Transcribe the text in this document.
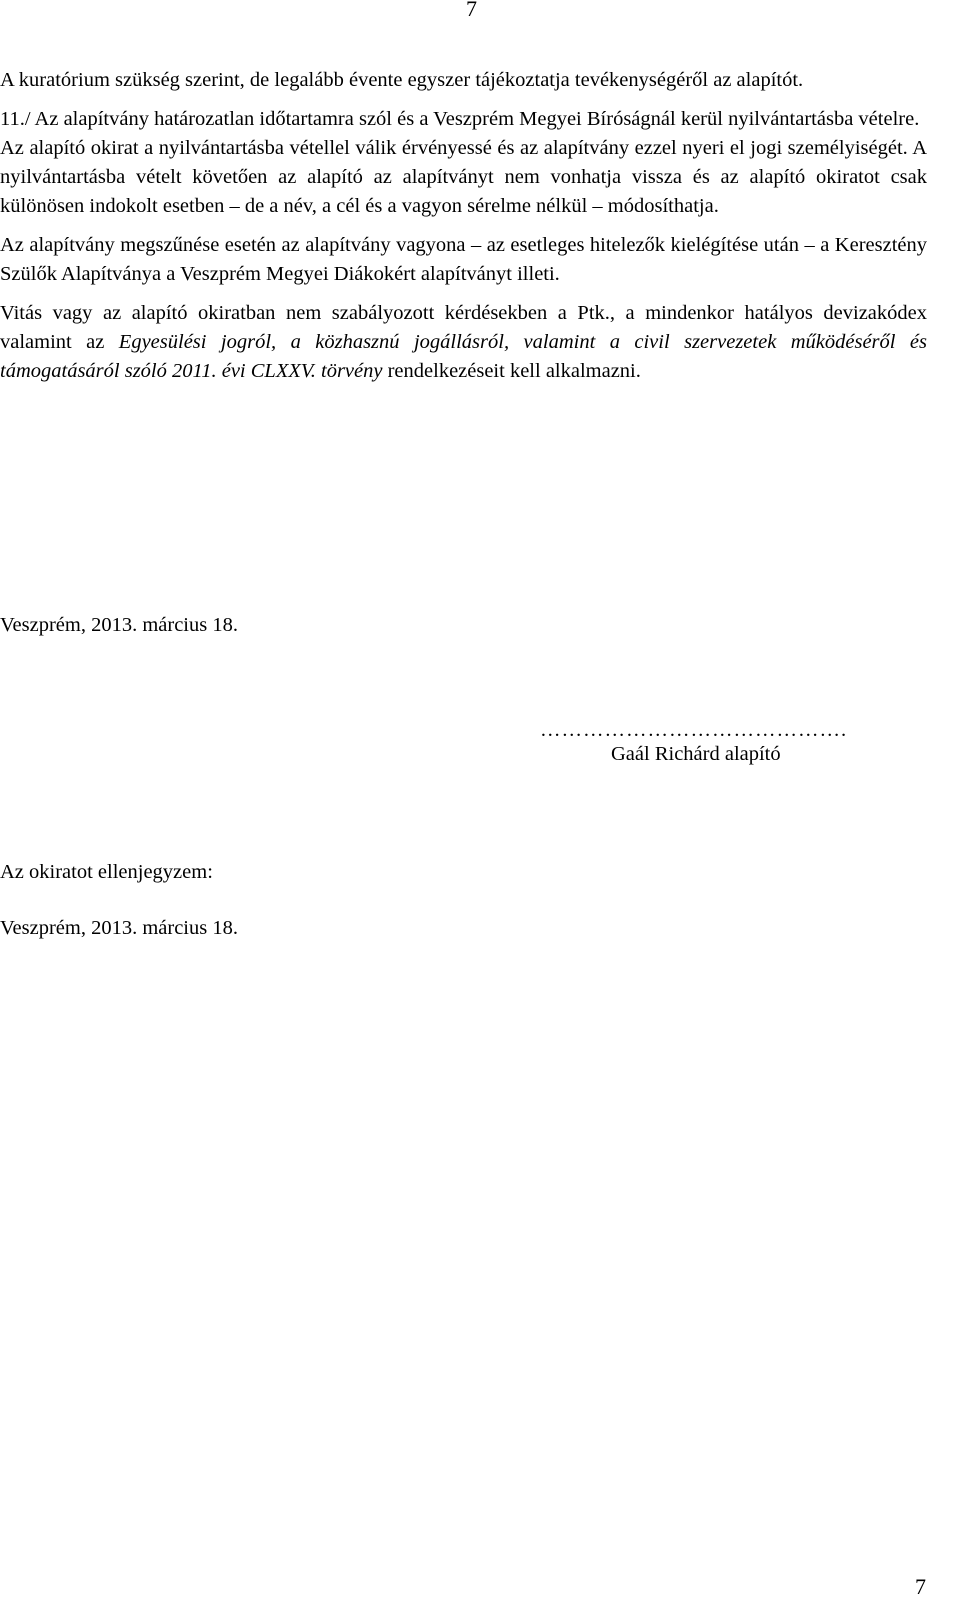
7

A kuratórium szükség szerint, de legalább évente egyszer tájékoztatja tevékenységéről az alapítót.

11./ Az alapítvány határozatlan időtartamra szól és a Veszprém Megyei Bíróságnál kerül nyilvántartásba vételre.

Az alapító okirat a nyilvántartásba vétellel válik érvényessé és az alapítvány ezzel nyeri el jogi személyiségét. A nyilvántartásba vételt követően az alapító az alapítványt nem vonhatja vissza és az alapító okiratot csak különösen indokolt esetben – de a név, a cél és a vagyon sérelme nélkül – módosíthatja.

Az alapítvány megszűnése esetén az alapítvány vagyona – az esetleges hitelezők kielégítése után – a Keresztény Szülők Alapítványa a Veszprém Megyei Diákokért alapítványt illeti.

Vitás vagy az alapító okiratban nem szabályozott kérdésekben a Ptk., a mindenkor hatályos devizakódex valamint az Egyesülési jogról, a közhasznú jogállásról, valamint a civil szervezetek működéséről és támogatásáról szóló 2011. évi CLXXV. törvény rendelkezéseit kell alkalmazni.

Veszprém, 2013. március 18.
…………………………………….
Gaál Richárd alapító
Az okiratot ellenjegyzem:
Veszprém, 2013. március 18.
7
